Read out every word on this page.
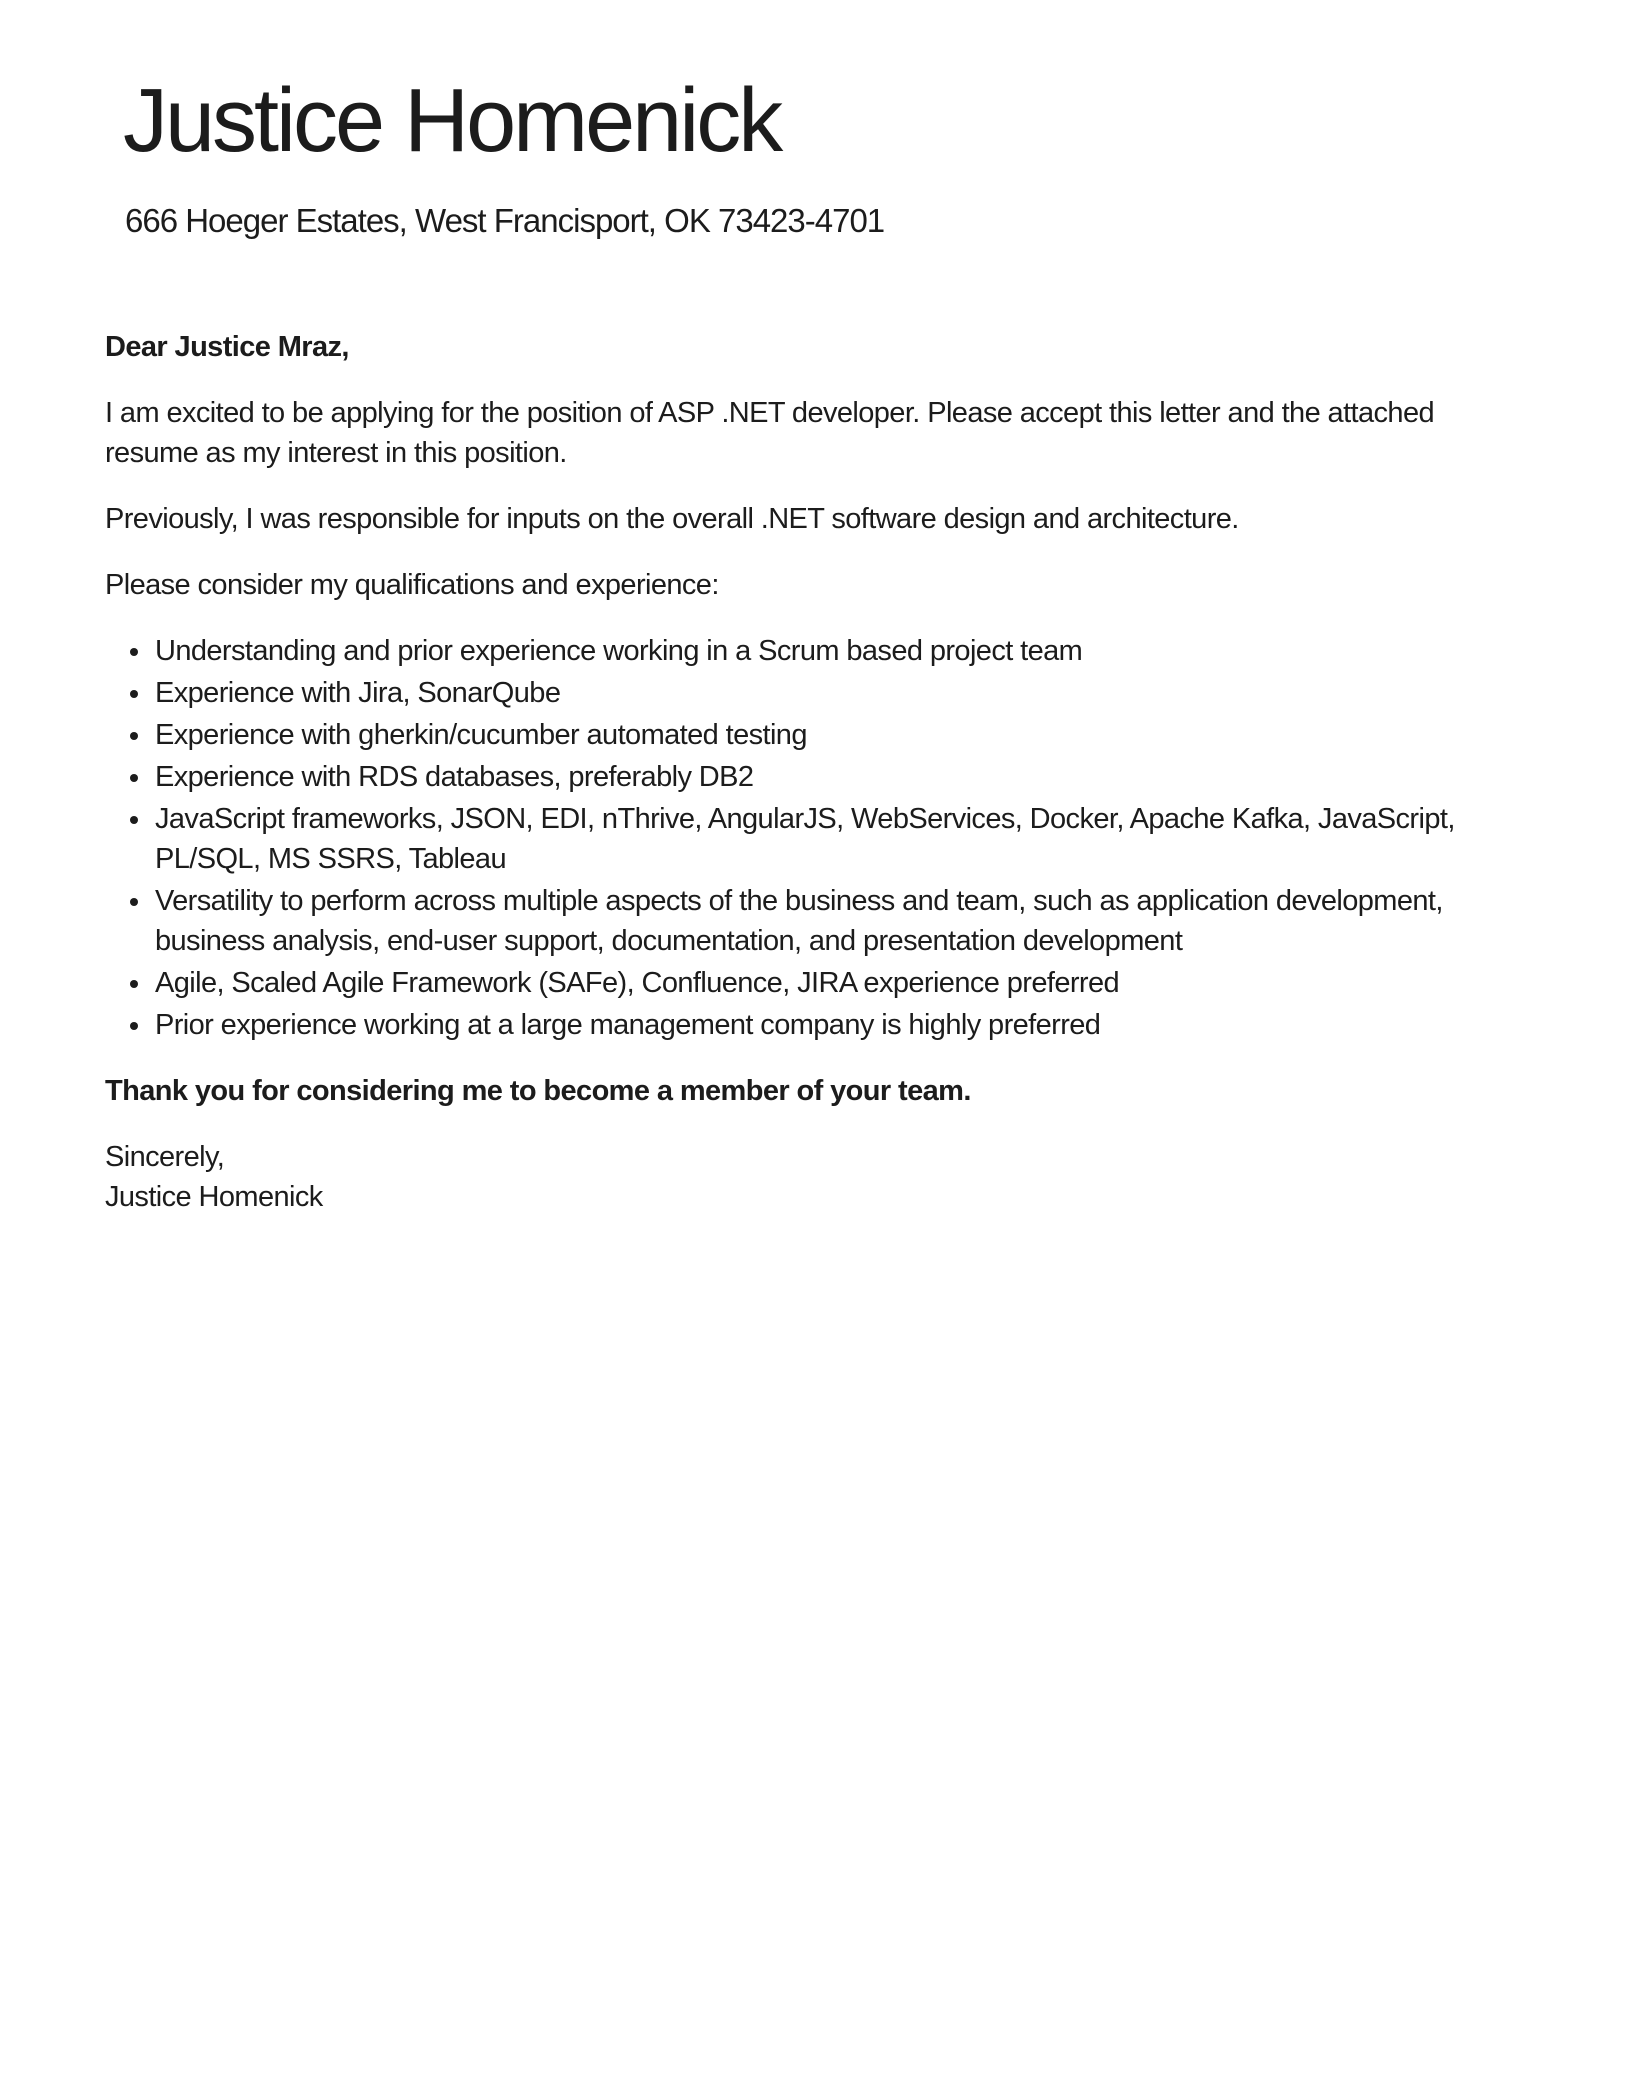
Justice Homenick
666 Hoeger Estates, West Francisport, OK 73423-4701

Dear Justice Mraz,

I am excited to be applying for the position of ASP .NET developer. Please accept this letter and the attached resume as my interest in this position.

Previously, I was responsible for inputs on the overall .NET software design and architecture.

Please consider my qualifications and experience:

• Understanding and prior experience working in a Scrum based project team
• Experience with Jira, SonarQube
• Experience with gherkin/cucumber automated testing
• Experience with RDS databases, preferably DB2
• JavaScript frameworks, JSON, EDI, nThrive, AngularJS, WebServices, Docker, Apache Kafka, JavaScript, PL/SQL, MS SSRS, Tableau
• Versatility to perform across multiple aspects of the business and team, such as application development, business analysis, end-user support, documentation, and presentation development
• Agile, Scaled Agile Framework (SAFe), Confluence, JIRA experience preferred
• Prior experience working at a large management company is highly preferred

Thank you for considering me to become a member of your team.

Sincerely,
Justice Homenick
